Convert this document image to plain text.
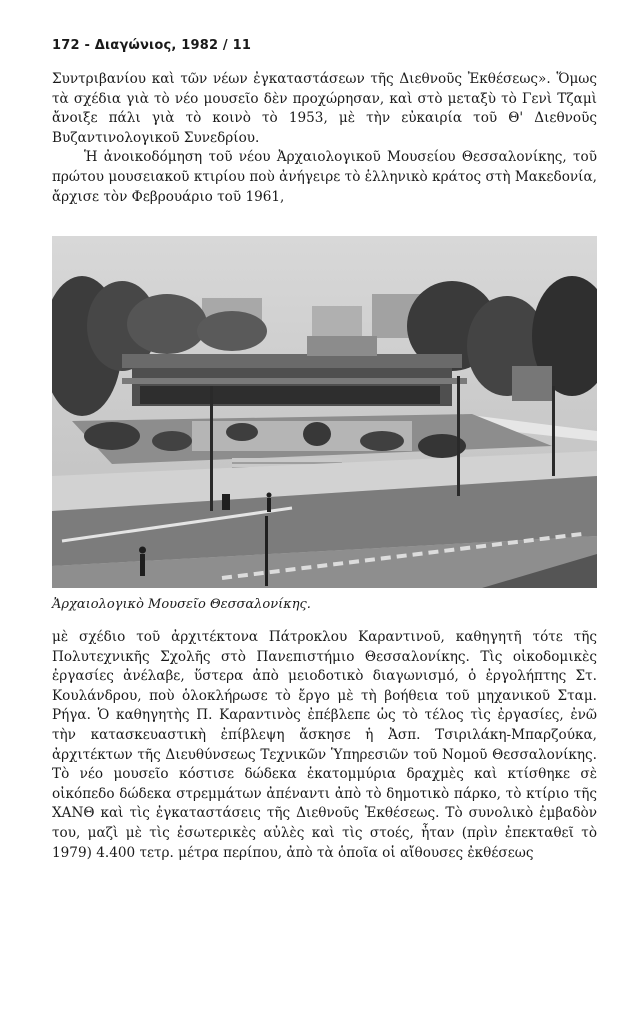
172 - Διαγώνιος, 1982 / 11
Συντριβανίου καὶ τῶν νέων ἐγκαταστάσεων τῆς Διεθνοῦς Ἐκθέσεως». Ὅμως τὰ σχέδια γιὰ τὸ νέο μουσεῖο δὲν προχώρησαν, καὶ στὸ μεταξὺ τὸ Γενὶ Τζαμὶ ἄνοιξε πάλι γιὰ τὸ κοινὸ τὸ 1953, μὲ τὴν εὐκαιρία τοῦ Θ' Διεθνοῦς Βυζαντινολογικοῦ Συνεδρίου.
Ἡ ἀνοικοδόμηση τοῦ νέου Ἀρχαιολογικοῦ Μουσείου Θεσσαλονίκης, τοῦ πρώτου μουσειακοῦ κτιρίου ποὺ ἀνήγειρε τὸ ἑλληνικὸ κράτος στὴ Μακεδονία, ἄρχισε τὸν Φεβρουάριο τοῦ 1961,
Ἀρχαιολογικὸ Μουσεῖο Θεσσαλονίκης.
μὲ σχέδιο τοῦ ἀρχιτέκτονα Πάτροκλου Καραντινοῦ, καθηγητῆ τότε τῆς Πολυτεχνικῆς Σχολῆς στὸ Πανεπιστήμιο Θεσσαλονίκης. Τὶς οἰκοδομικὲς ἐργασίες ἀνέλαβε, ὕστερα ἀπὸ μειοδοτικὸ διαγωνισμό, ὁ ἐργολήπτης Στ. Κουλάνδρου, ποὺ ὁλοκλήρωσε τὸ ἔργο μὲ τὴ βοήθεια τοῦ μηχανικοῦ Σταμ. Ρήγα. Ὁ καθηγητὴς Π. Καραντινὸς ἐπέβλεπε ὡς τὸ τέλος τὶς ἐργασίες, ἐνῶ τὴν κατασκευαστικὴ ἐπίβλεψη ἄσκησε ἡ Ἀσπ. Τσιριλάκη-Μπαρζούκα, ἀρχιτέκτων τῆς Διευθύνσεως Τεχνικῶν Ὑπηρεσιῶν τοῦ Νομοῦ Θεσσαλονίκης. Τὸ νέο μουσεῖο κόστισε δώδεκα ἑκατομμύρια δραχμὲς καὶ κτίσθηκε σὲ οἰκόπεδο δώδεκα στρεμμάτων ἀπέναντι ἀπὸ τὸ δημοτικὸ πάρκο, τὸ κτίριο τῆς ΧΑΝΘ καὶ τὶς ἐγκαταστάσεις τῆς Διεθνοῦς Ἐκθέσεως. Τὸ συνολικὸ ἐμβαδὸν του, μαζὶ μὲ τὶς ἐσωτερικὲς αὐλὲς καὶ τὶς στοές, ἦταν (πρὶν ἐπεκταθεῖ τὸ 1979) 4.400 τετρ. μέτρα περίπου, ἀπὸ τὰ ὁποῖα οἱ αἴθουσες ἐκθέσεως
